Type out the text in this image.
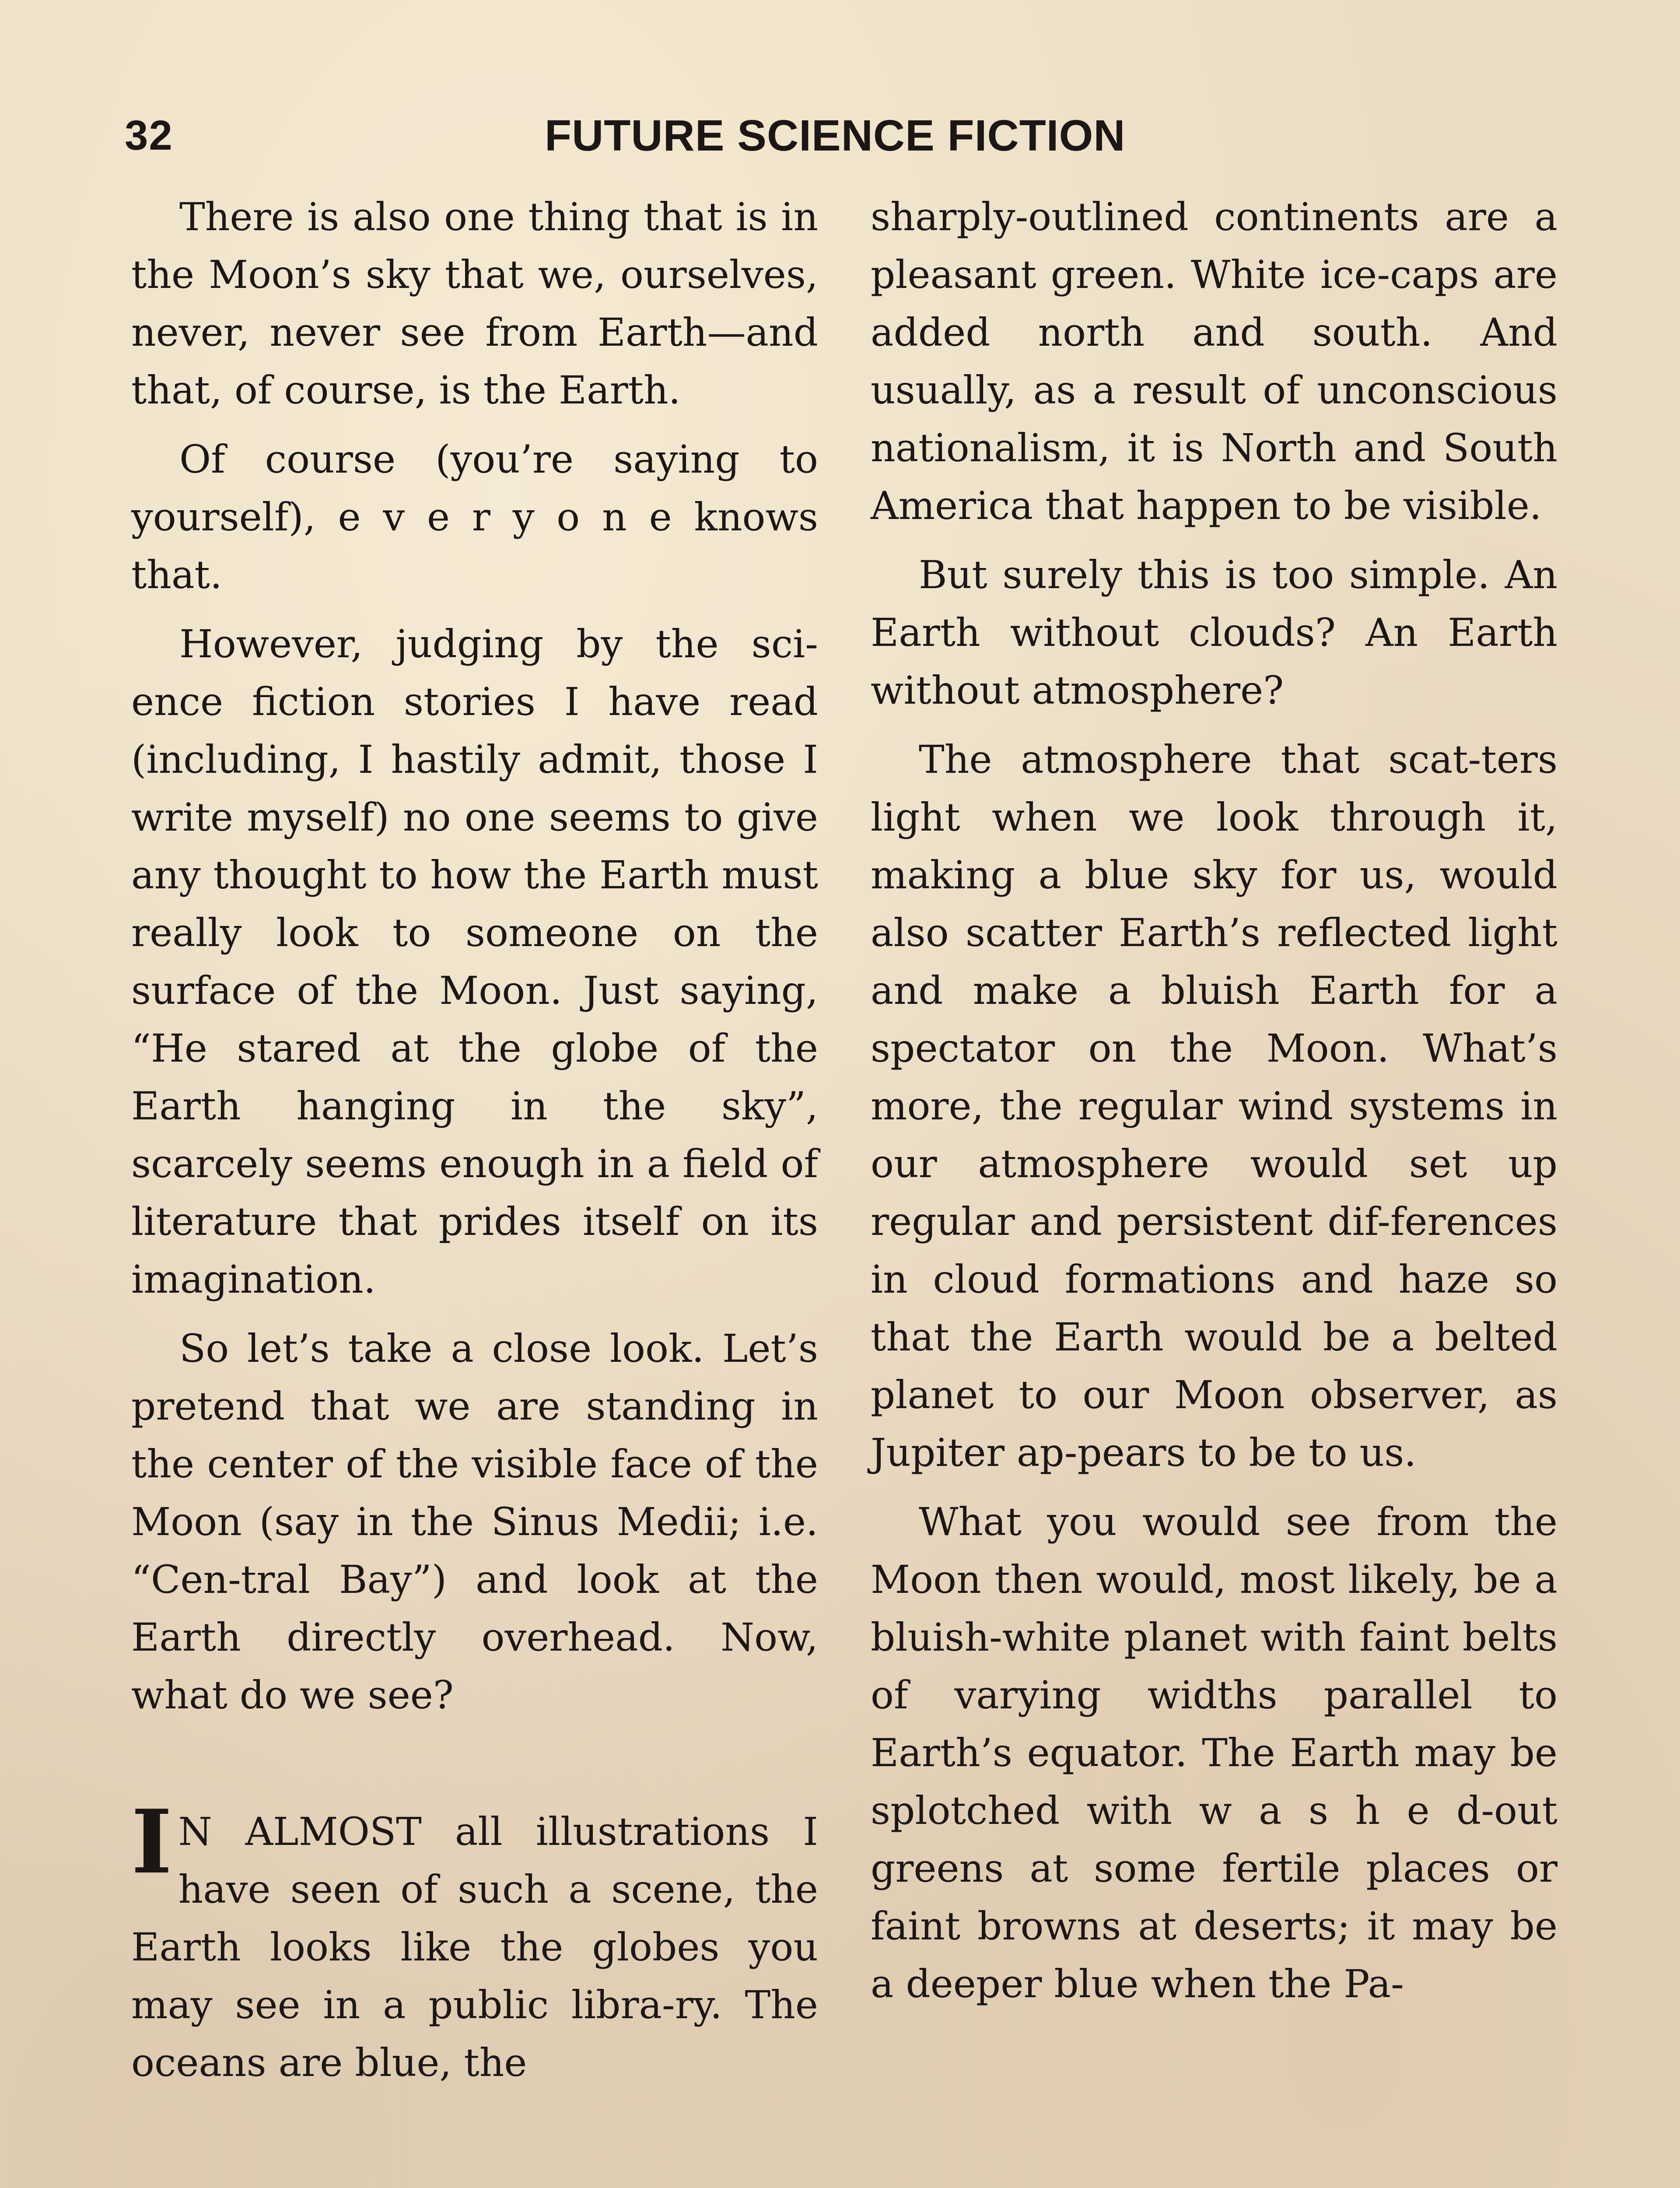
32	FUTURE SCIENCE FICTION

There is also one thing that is in the Moon’s sky that we, ourselves, never, never see from Earth—and that, of course, is the Earth.

Of course (you’re saying to yourself), e v e r y o n e knows that.

However, judging by the sci-ence fiction stories I have read (including, I hastily admit, those I write myself) no one seems to give any thought to how the Earth must really look to someone on the surface of the Moon. Just saying, “He stared at the globe of the Earth hanging in the sky”, scarcely seems enough in a field of literature that prides itself on its imagination.

So let’s take a close look. Let’s pretend that we are standing in the center of the visible face of the Moon (say in the Sinus Medii; i.e. “Cen-tral Bay”) and look at the Earth directly overhead. Now, what do we see?

I N ALMOST all illustrations I have seen of such a scene, the Earth looks like the globes you may see in a public libra-ry. The oceans are blue, the

sharply-outlined continents are a pleasant green. White ice-caps are added north and south. And usually, as a result of unconscious nationalism, it is North and South America that happen to be visible.

But surely this is too simple. An Earth without clouds? An Earth without atmosphere?

The atmosphere that scat-ters light when we look through it, making a blue sky for us, would also scatter Earth’s reflected light and make a bluish Earth for a spectator on the Moon. What’s more, the regular wind systems in our atmosphere would set up regular and persistent dif-ferences in cloud formations and haze so that the Earth would be a belted planet to our Moon observer, as Jupiter ap-pears to be to us.

What you would see from the Moon then would, most likely, be a bluish-white planet with faint belts of varying widths parallel to Earth’s equator. The Earth may be splotched with w a s h e d-out greens at some fertile places or faint browns at deserts; it may be a deeper blue when the Pa-
